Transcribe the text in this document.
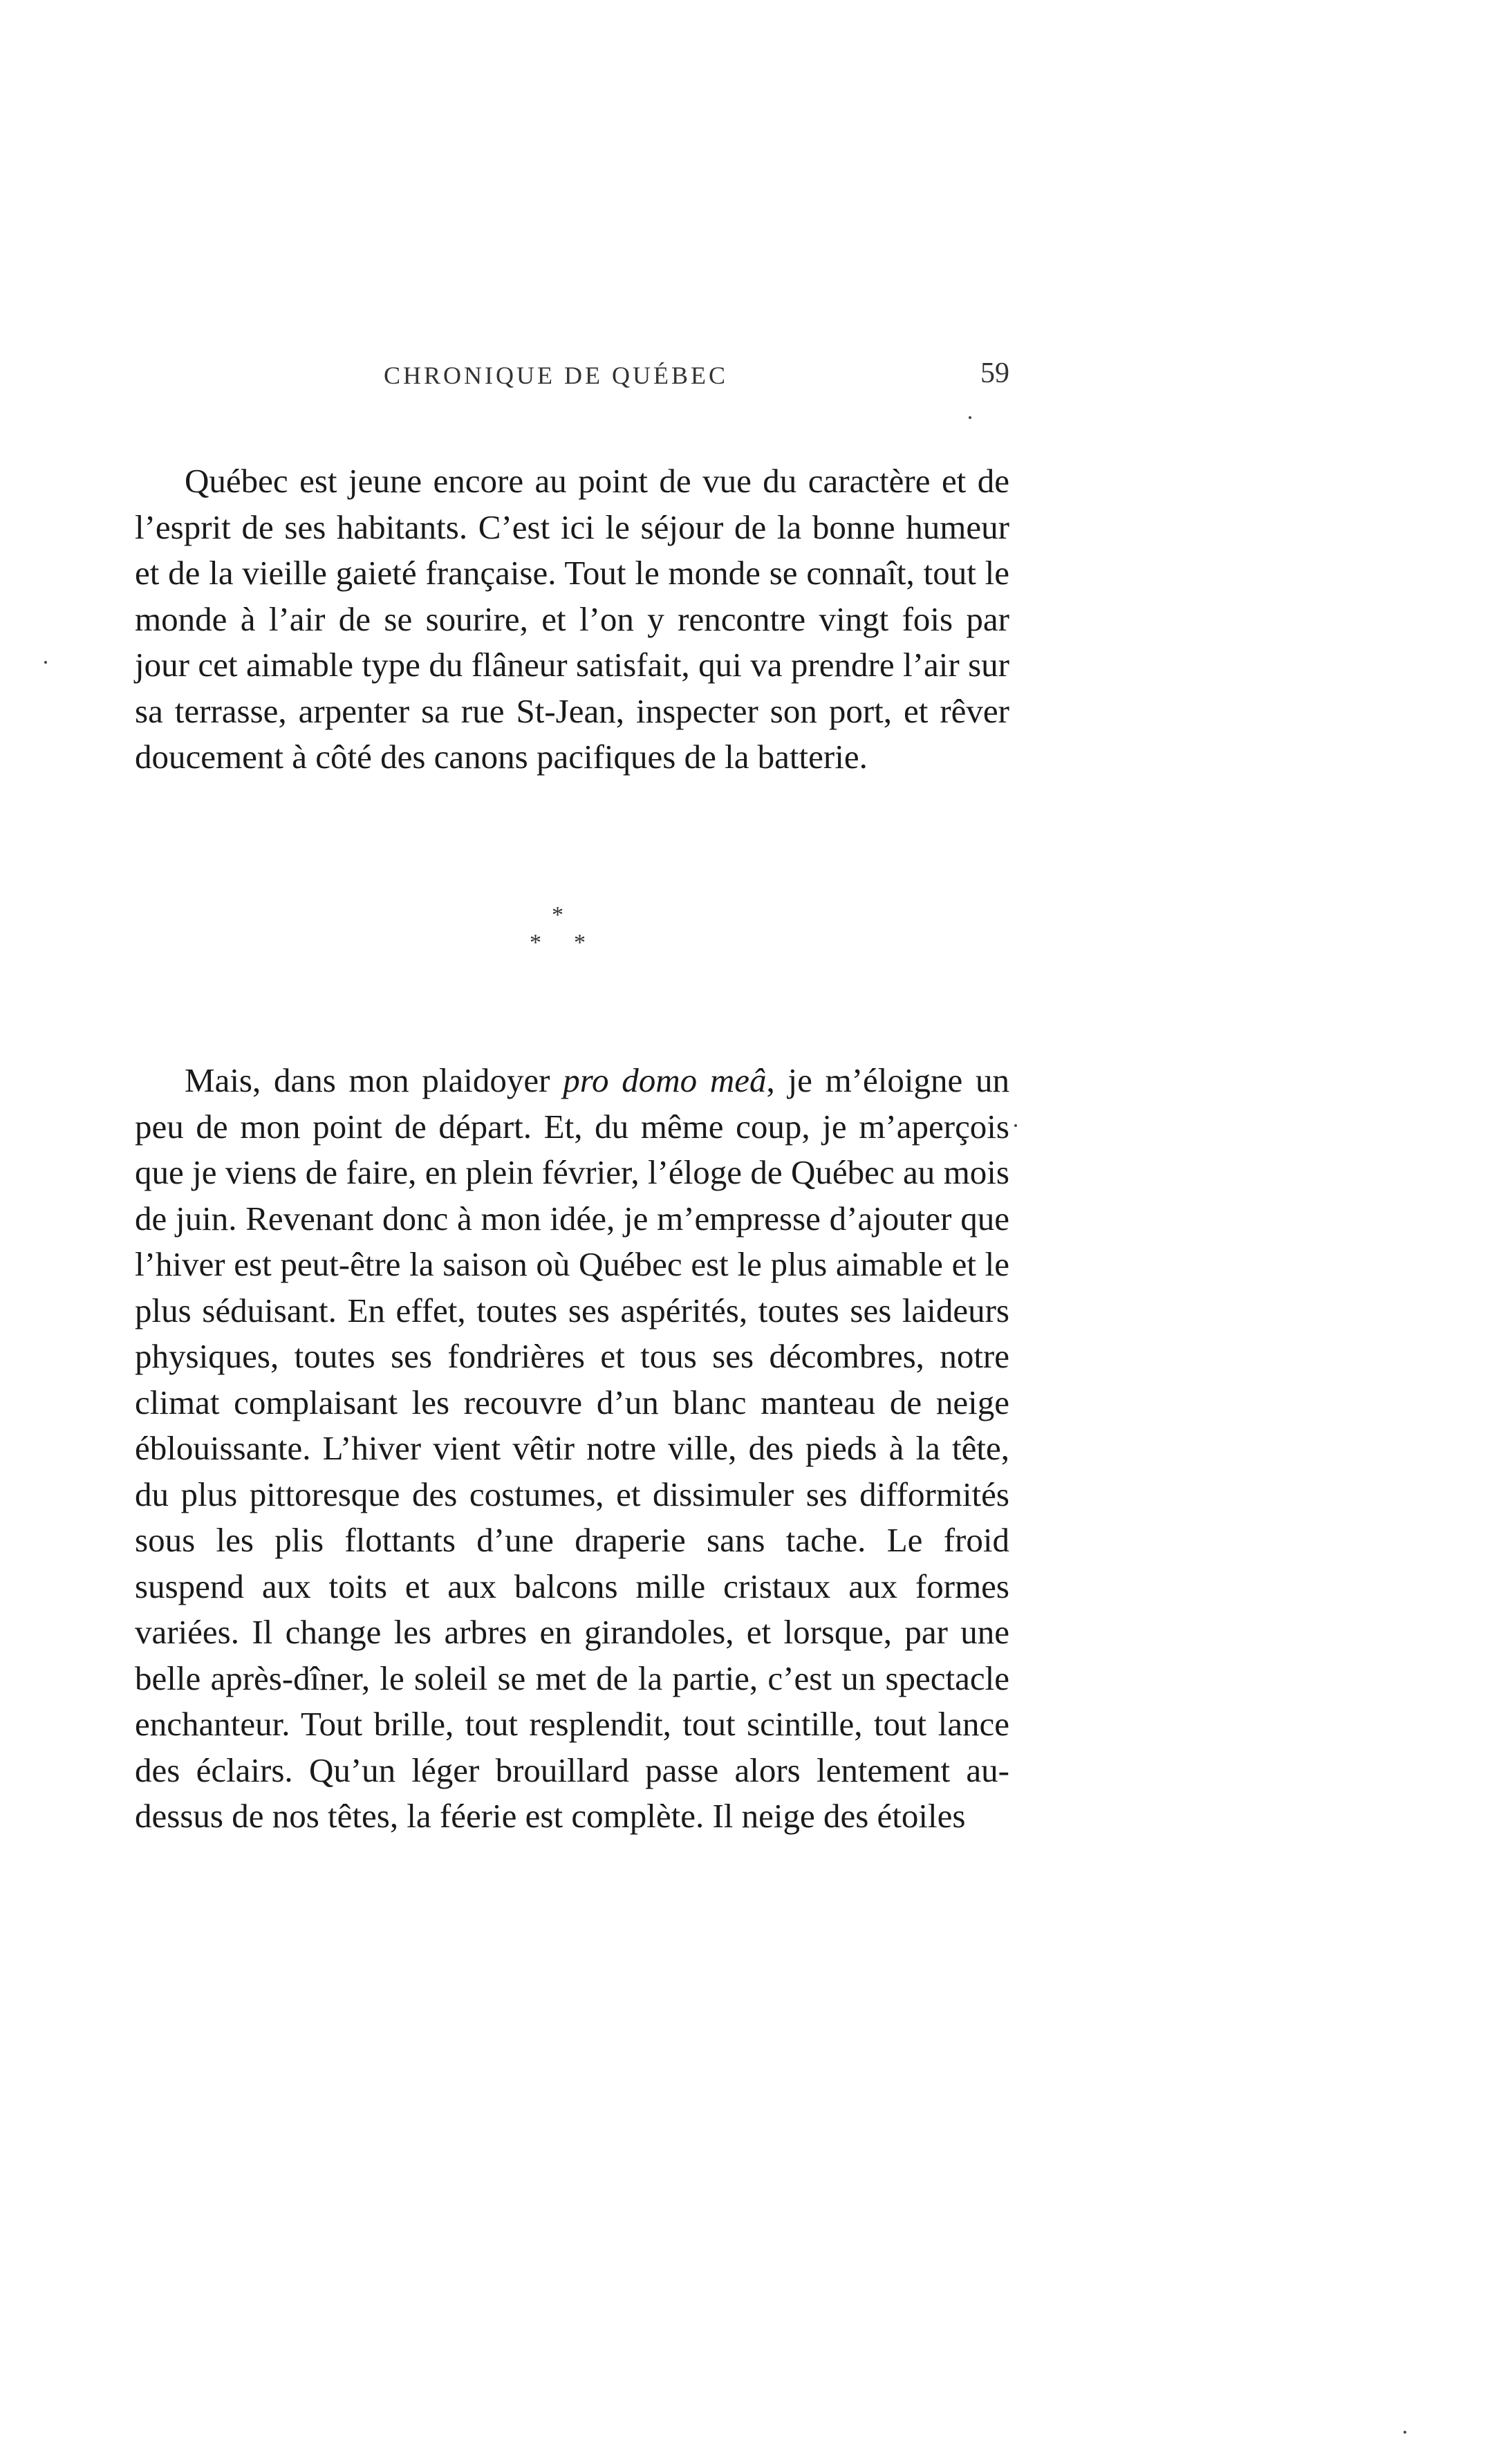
CHRONIQUE DE QUÉBEC	59

Québec est jeune encore au point de vue du caractère et de l’esprit de ses habitants. C’est ici le séjour de la bonne humeur et de la vieille gaieté française. Tout le monde se connaît, tout le monde à l’air de se sourire, et l’on y rencontre vingt fois par jour cet aimable type du flâneur satisfait, qui va prendre l’air sur sa terrasse, arpenter sa rue St-Jean, inspecter son port, et rêver doucement à côté des canons pacifiques de la batterie.

*
* *

Mais, dans mon plaidoyer pro domo meâ, je m’éloigne un peu de mon point de départ. Et, du même coup, je m’aperçois que je viens de faire, en plein février, l’éloge de Québec au mois de juin. Revenant donc à mon idée, je m’empresse d’ajouter que l’hiver est peut-être la saison où Québec est le plus aimable et le plus séduisant. En effet, toutes ses aspérités, toutes ses laideurs physiques, toutes ses fondrières et tous ses décombres, notre climat complaisant les recouvre d’un blanc manteau de neige éblouissante. L’hiver vient vêtir notre ville, des pieds à la tête, du plus pittoresque des costumes, et dissimuler ses difformités sous les plis flottants d’une draperie sans tache. Le froid suspend aux toits et aux balcons mille cristaux aux formes variées. Il change les arbres en girandoles, et lorsque, par une belle après-dîner, le soleil se met de la partie, c’est un spectacle enchanteur. Tout brille, tout resplendit, tout scintille, tout lance des éclairs. Qu’un léger brouillard passe alors lentement au-dessus de nos têtes, la féerie est complète. Il neige des étoiles
